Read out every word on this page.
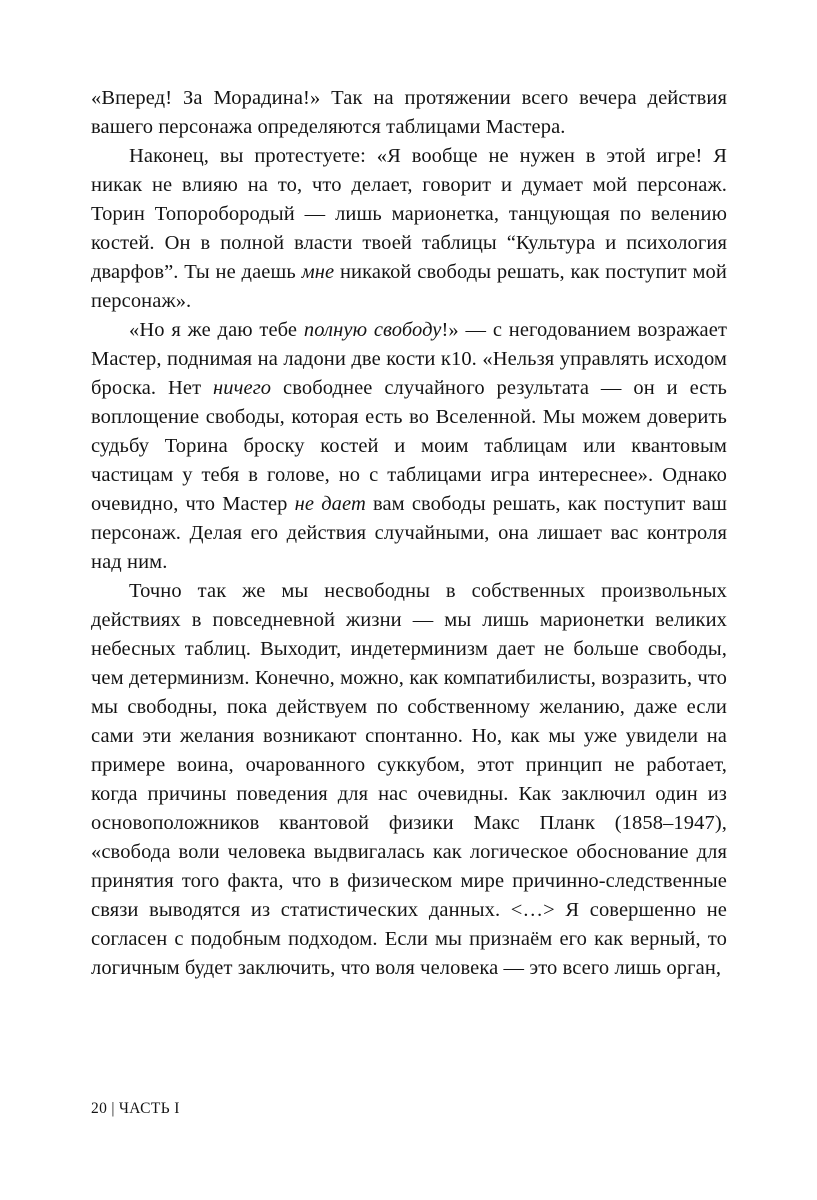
«Вперед! За Морадина!» Так на протяжении всего вечера действия вашего персонажа определяются таблицами Мастера.

Наконец, вы протестуете: «Я вообще не нужен в этой игре! Я никак не влияю на то, что делает, говорит и думает мой персонаж. Торин Топоробородый — лишь марионетка, танцующая по велению костей. Он в полной власти твоей таблицы “Культура и психология дварфов”. Ты не даешь мне никакой свободы решать, как поступит мой персонаж».

«Но я же даю тебе полную свободу!» — с негодованием возражает Мастер, поднимая на ладони две кости к10. «Нельзя управлять исходом броска. Нет ничего свободнее случайного результата — он и есть воплощение свободы, которая есть во Вселенной. Мы можем доверить судьбу Торина броску костей и моим таблицам или квантовым частицам у тебя в голове, но с таблицами игра интереснее». Однако очевидно, что Мастер не дает вам свободы решать, как поступит ваш персонаж. Делая его действия случайными, она лишает вас контроля над ним.

Точно так же мы несвободны в собственных произвольных действиях в повседневной жизни — мы лишь марионетки великих небесных таблиц. Выходит, индетерминизм дает не больше свободы, чем детерминизм. Конечно, можно, как компатибилисты, возразить, что мы свободны, пока действуем по собственному желанию, даже если сами эти желания возникают спонтанно. Но, как мы уже увидели на примере воина, очарованного суккубом, этот принцип не работает, когда причины поведения для нас очевидны. Как заключил один из основоположников квантовой физики Макс Планк (1858–1947), «свобода воли человека выдвигалась как логическое обоснование для принятия того факта, что в физическом мире причинно-следственные связи выводятся из статистических данных. <…> Я совершенно не согласен с подобным подходом. Если мы признаём его как верный, то логичным будет заключить, что воля человека — это всего лишь орган,

20 | ЧАСТЬ I
